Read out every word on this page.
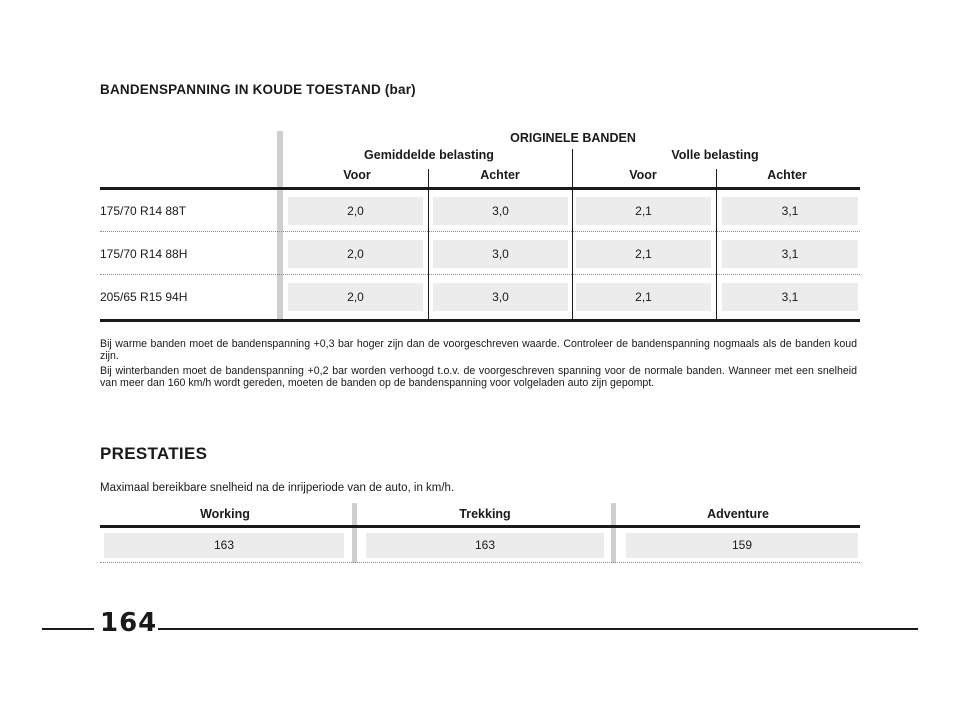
BANDENSPANNING IN KOUDE TOESTAND (bar)
ORIGINELE BANDEN
Gemiddelde belasting	Volle belasting
Voor	Achter	Voor	Achter
175/70 R14 88T	2,0	3,0	2,1	3,1
175/70 R14 88H	2,0	3,0	2,1	3,1
205/65 R15 94H	2,0	3,0	2,1	3,1
Bij warme banden moet de bandenspanning +0,3 bar hoger zijn dan de voorgeschreven waarde. Controleer de bandenspanning nogmaals als de banden koud zijn.
Bij winterbanden moet de bandenspanning +0,2 bar worden verhoogd t.o.v. de voorgeschreven spanning voor de normale banden. Wanneer met een snelheid van meer dan 160 km/h wordt gereden, moeten de banden op de bandenspanning voor volgeladen auto zijn gepompt.
PRESTATIES
Maximaal bereikbare snelheid na de inrijperiode van de auto, in km/h.
Working	Trekking	Adventure
163	163	159
164
